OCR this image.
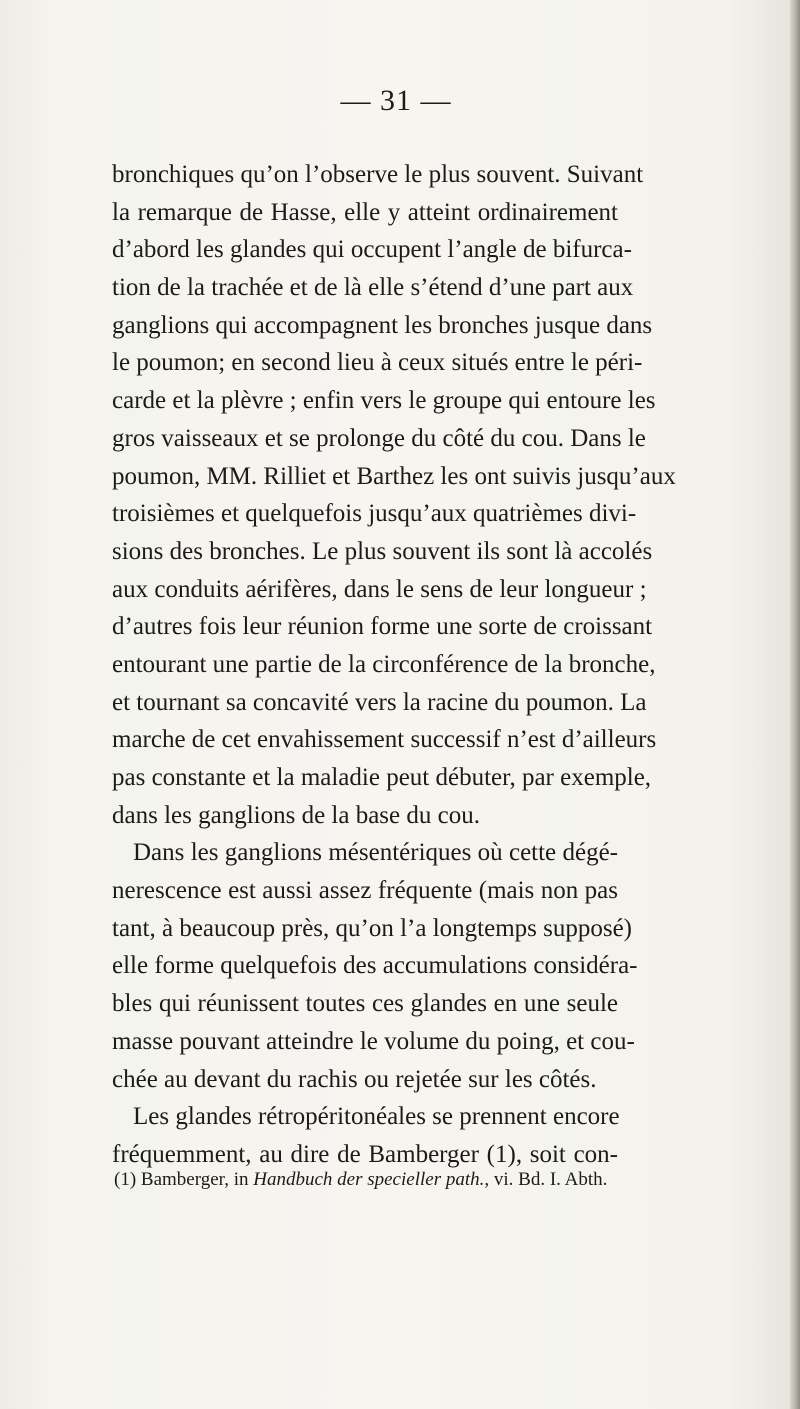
— 31 —
bronchiques qu’on l’observe le plus souvent. Suivant
la remarque de Hasse, elle y atteint ordinairement
d’abord les glandes qui occupent l’angle de bifurca-
tion de la trachée et de là elle s’étend d’une part aux
ganglions qui accompagnent les bronches jusque dans
le poumon; en second lieu à ceux situés entre le péri-
carde et la plèvre ; enfin vers le groupe qui entoure les
gros vaisseaux et se prolonge du côté du cou. Dans le
poumon, MM. Rilliet et Barthez les ont suivis jusqu’aux
troisièmes et quelquefois jusqu’aux quatrièmes divi-
sions des bronches. Le plus souvent ils sont là accolés
aux conduits aérifères, dans le sens de leur longueur ;
d’autres fois leur réunion forme une sorte de croissant
entourant une partie de la circonférence de la bronche,
et tournant sa concavité vers la racine du poumon. La
marche de cet envahissement successif n’est d’ailleurs
pas constante et la maladie peut débuter, par exemple,
dans les ganglions de la base du cou.
Dans les ganglions mésentériques où cette dégé-
nerescence est aussi assez fréquente (mais non pas
tant, à beaucoup près, qu’on l’a longtemps supposé)
elle forme quelquefois des accumulations considéra-
bles qui réunissent toutes ces glandes en une seule
masse pouvant atteindre le volume du poing, et cou-
chée au devant du rachis ou rejetée sur les côtés.
Les glandes rétropéritonéales se prennent encore
fréquemment, au dire de Bamberger (1), soit con-

(1) Bamberger, in Handbuch der specieller path., vi. Bd. I. Abth.
